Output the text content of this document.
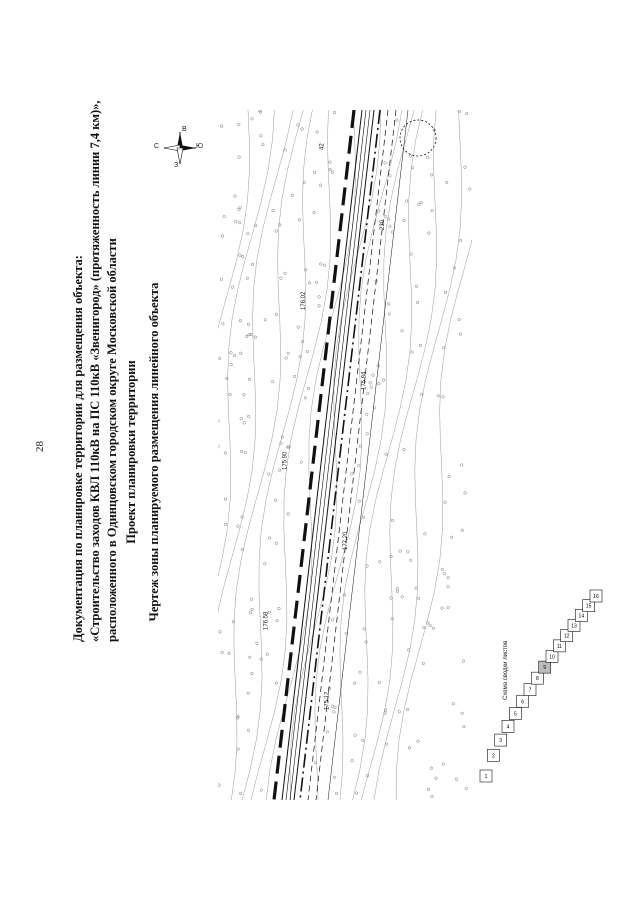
28 Документация по планировке территории для размещения объекта: «Строительство заходов КВЛ 110кВ на ПС 110кВ «Звенигород» (протяженность линии 7,4 км)», расположенного в Одинцовском городском округе Московской области Проект планировки территории Чертеж зоны планируемого размещения линейного объекта
С	Ю
В
З
42
230
176.02
175.84
175.90
177.20
176.58
175.12
1
2
3
4
5
6
7
8
9
10
11
12
13
14
15
16
Схема сводки листов
